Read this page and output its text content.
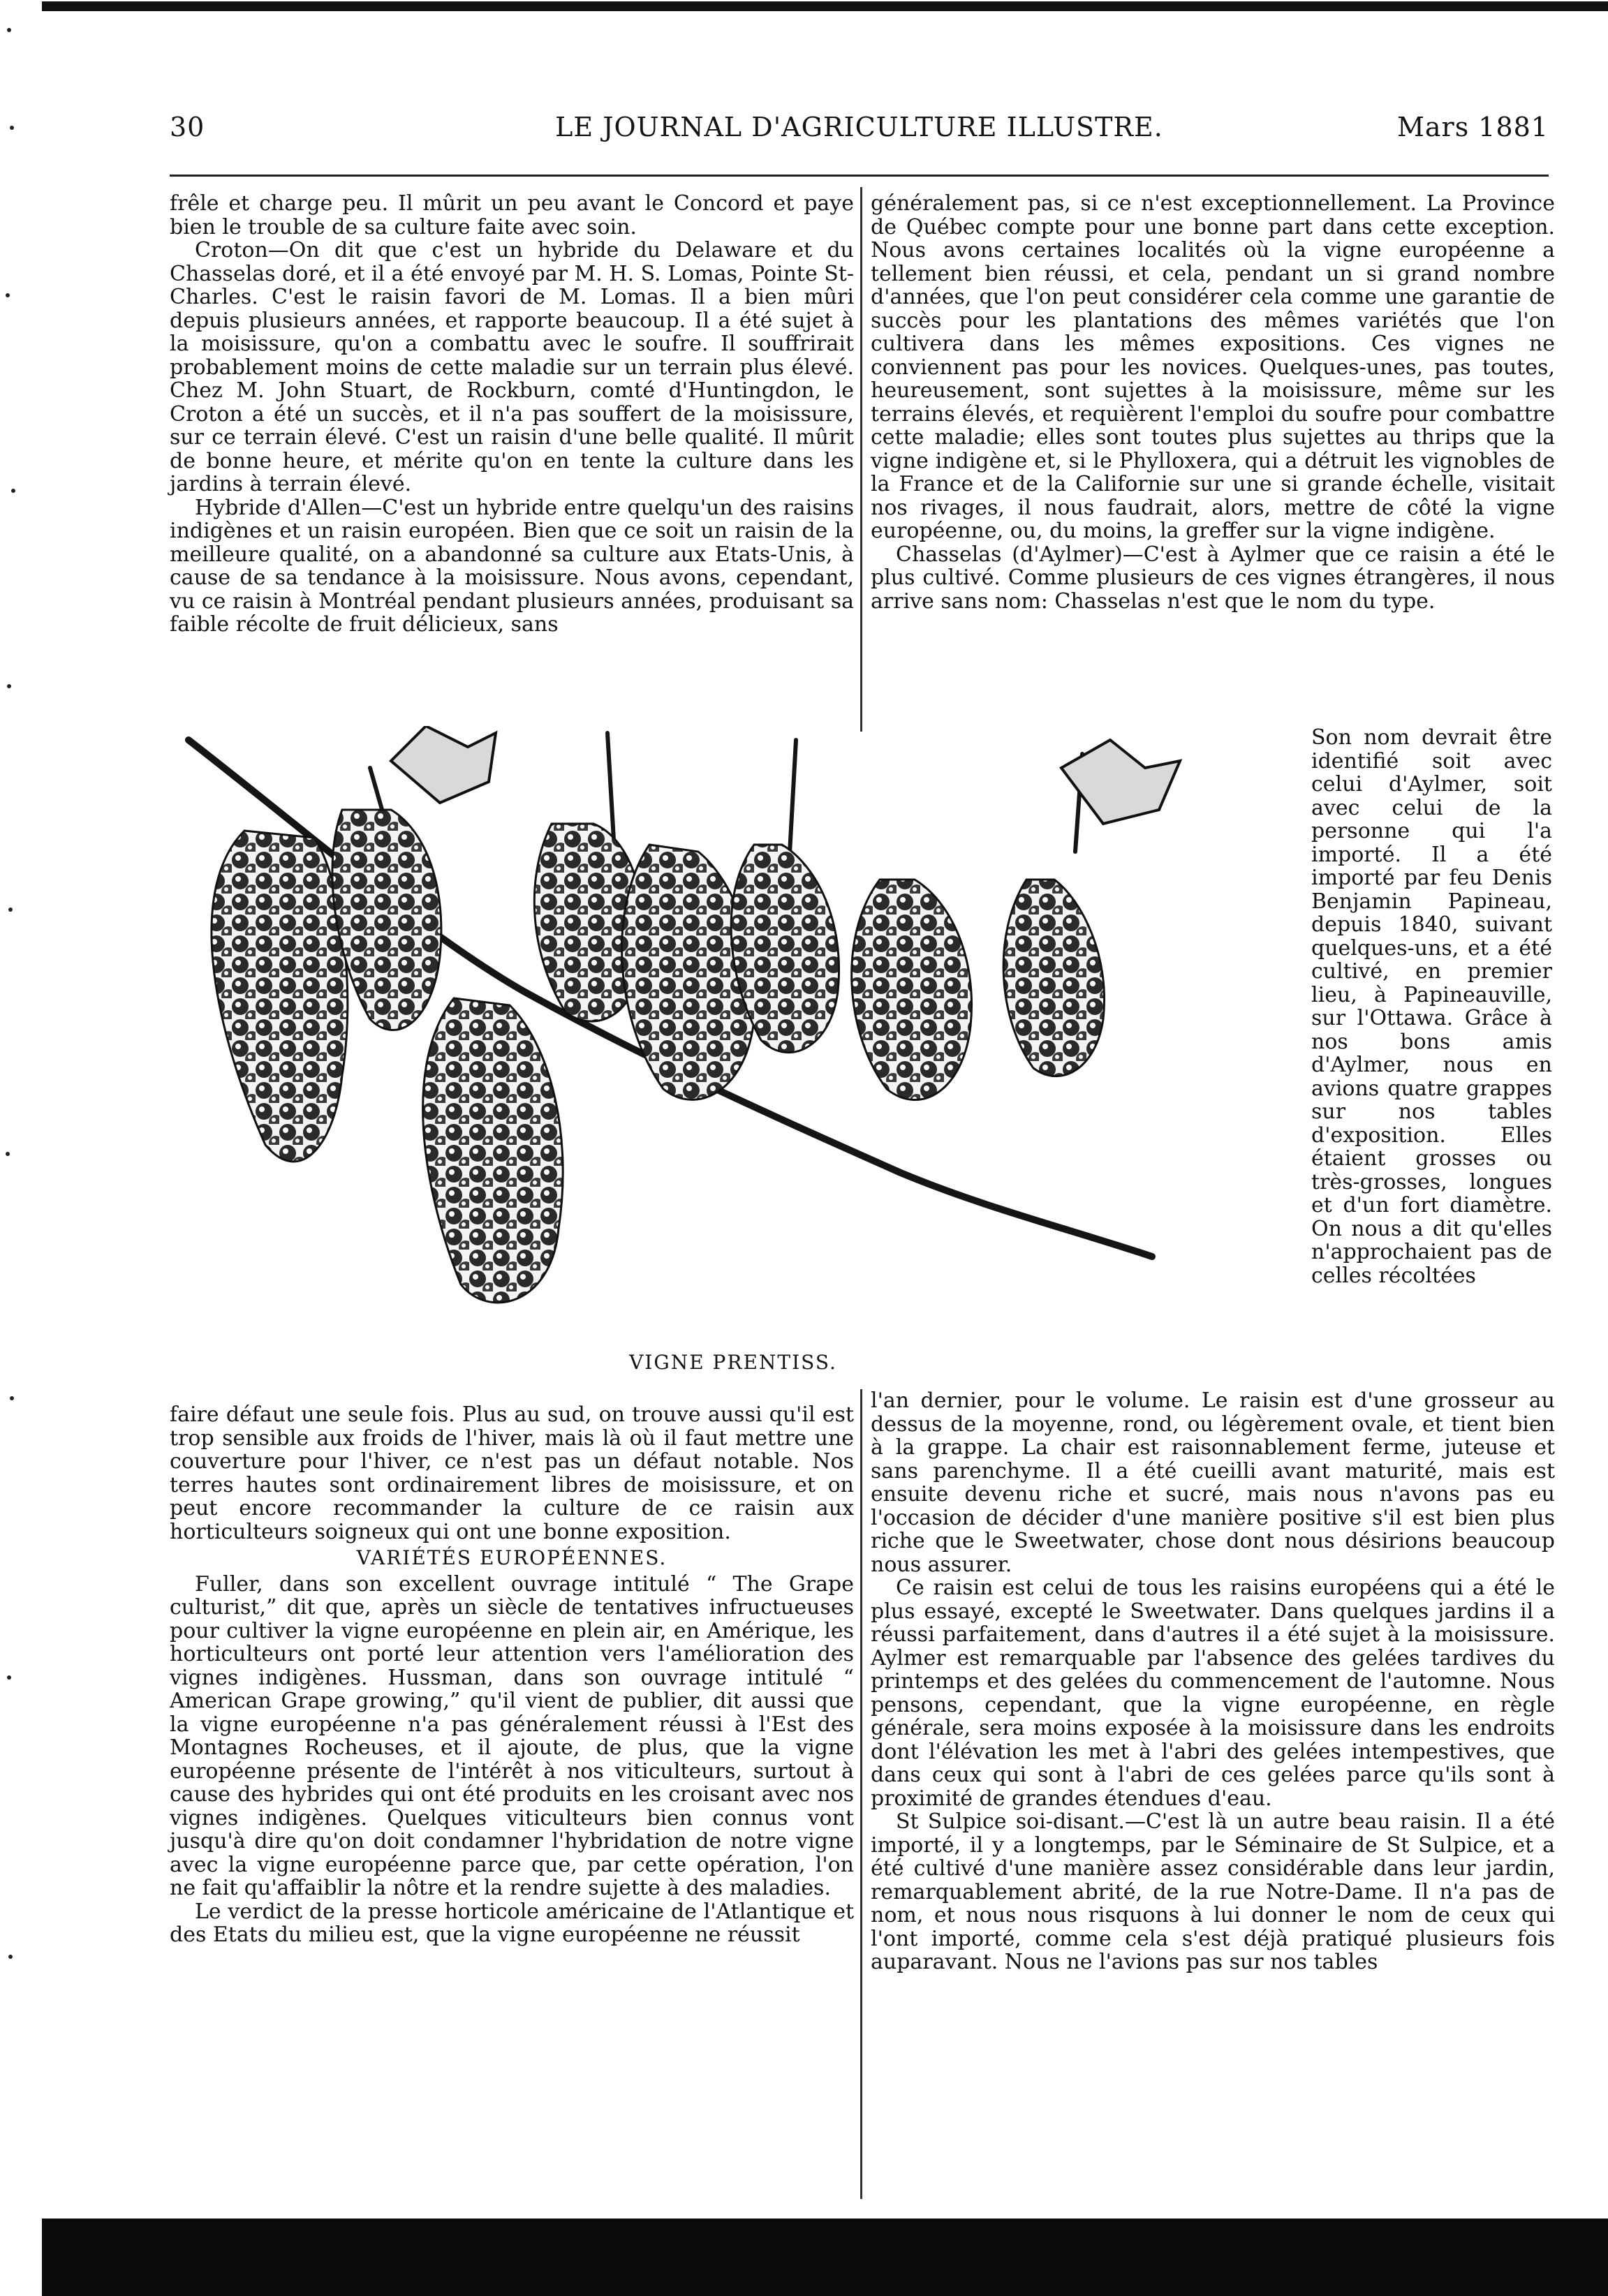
30	LE JOURNAL D'AGRICULTURE ILLUSTRE.	Mars 1881

frêle et charge peu. Il mûrit un peu avant le Concord et paye bien le trouble de sa culture faite avec soin.

Croton—On dit que c'est un hybride du Delaware et du Chasselas doré, et il a été envoyé par M. H. S. Lomas, Pointe St-Charles. C'est le raisin favori de M. Lomas. Il a bien mûri depuis plusieurs années, et rapporte beaucoup. Il a été sujet à la moisissure, qu'on a combattu avec le soufre. Il souffrirait probablement moins de cette maladie sur un terrain plus élevé. Chez M. John Stuart, de Rockburn, comté d'Huntingdon, le Croton a été un succès, et il n'a pas souffert de la moisissure, sur ce terrain élevé. C'est un raisin d'une belle qualité. Il mûrit de bonne heure, et mérite qu'on en tente la culture dans les jardins à terrain élevé.

Hybride d'Allen—C'est un hybride entre quelqu'un des raisins indigènes et un raisin européen. Bien que ce soit un raisin de la meilleure qualité, on a abandonné sa culture aux Etats-Unis, à cause de sa tendance à la moisissure. Nous avons, cependant, vu ce raisin à Montréal pendant plusieurs années, produisant sa faible récolte de fruit délicieux, sans

généralement pas, si ce n'est exceptionnellement. La Province de Québec compte pour une bonne part dans cette exception. Nous avons certaines localités où la vigne européenne a tellement bien réussi, et cela, pendant un si grand nombre d'années, que l'on peut considérer cela comme une garantie de succès pour les plantations des mêmes variétés que l'on cultivera dans les mêmes expositions. Ces vignes ne conviennent pas pour les novices. Quelques-unes, pas toutes, heureusement, sont sujettes à la moisissure, même sur les terrains élevés, et requièrent l'emploi du soufre pour combattre cette maladie; elles sont toutes plus sujettes au thrips que la vigne indigène et, si le Phylloxera, qui a détruit les vignobles de la France et de la Californie sur une si grande échelle, visitait nos rivages, il nous faudrait, alors, mettre de côté la vigne européenne, ou, du moins, la greffer sur la vigne indigène.

Chasselas (d'Aylmer)—C'est à Aylmer que ce raisin a été le plus cultivé. Comme plusieurs de ces vignes étrangères, il nous arrive sans nom: Chasselas n'est que le nom du type.

Son nom devrait être identifié soit avec celui d'Aylmer, soit avec celui de la personne qui l'a importé. Il a été importé par feu Denis Benjamin Papineau, depuis 1840, suivant quelques-uns, et a été cultivé, en premier lieu, à Papineauville, sur l'Ottawa. Grâce à nos bons amis d'Aylmer, nous en avions quatre grappes sur nos tables d'exposition. Elles étaient grosses ou très-grosses, longues et d'un fort diamètre. On nous a dit qu'elles n'approchaient pas de celles récoltées

VIGNE PRENTISS.

faire défaut une seule fois. Plus au sud, on trouve aussi qu'il est trop sensible aux froids de l'hiver, mais là où il faut mettre une couverture pour l'hiver, ce n'est pas un défaut notable. Nos terres hautes sont ordinairement libres de moisissure, et on peut encore recommander la culture de ce raisin aux horticulteurs soigneux qui ont une bonne exposition.

VARIÉTÉS EUROPÉENNES.

Fuller, dans son excellent ouvrage intitulé “ The Grape culturist,” dit que, après un siècle de tentatives infructueuses pour cultiver la vigne européenne en plein air, en Amérique, les horticulteurs ont porté leur attention vers l'amélioration des vignes indigènes. Hussman, dans son ouvrage intitulé “ American Grape growing,” qu'il vient de publier, dit aussi que la vigne européenne n'a pas généralement réussi à l'Est des Montagnes Rocheuses, et il ajoute, de plus, que la vigne européenne présente de l'intérêt à nos viticulteurs, surtout à cause des hybrides qui ont été produits en les croisant avec nos vignes indigènes. Quelques viticulteurs bien connus vont jusqu'à dire qu'on doit condamner l'hybridation de notre vigne avec la vigne européenne parce que, par cette opération, l'on ne fait qu'affaiblir la nôtre et la rendre sujette à des maladies.

Le verdict de la presse horticole américaine de l'Atlantique et des Etats du milieu est, que la vigne européenne ne réussit

l'an dernier, pour le volume. Le raisin est d'une grosseur au dessus de la moyenne, rond, ou légèrement ovale, et tient bien à la grappe. La chair est raisonnablement ferme, juteuse et sans parenchyme. Il a été cueilli avant maturité, mais est ensuite devenu riche et sucré, mais nous n'avons pas eu l'occasion de décider d'une manière positive s'il est bien plus riche que le Sweetwater, chose dont nous désirions beaucoup nous assurer.

Ce raisin est celui de tous les raisins européens qui a été le plus essayé, excepté le Sweetwater. Dans quelques jardins il a réussi parfaitement, dans d'autres il a été sujet à la moisissure. Aylmer est remarquable par l'absence des gelées tardives du printemps et des gelées du commencement de l'automne. Nous pensons, cependant, que la vigne européenne, en règle générale, sera moins exposée à la moisissure dans les endroits dont l'élévation les met à l'abri des gelées intempestives, que dans ceux qui sont à l'abri de ces gelées parce qu'ils sont à proximité de grandes étendues d'eau.

St Sulpice soi-disant.—C'est là un autre beau raisin. Il a été importé, il y a longtemps, par le Séminaire de St Sulpice, et a été cultivé d'une manière assez considérable dans leur jardin, remarquablement abrité, de la rue Notre-Dame. Il n'a pas de nom, et nous nous risquons à lui donner le nom de ceux qui l'ont importé, comme cela s'est déjà pratiqué plusieurs fois auparavant. Nous ne l'avions pas sur nos tables
